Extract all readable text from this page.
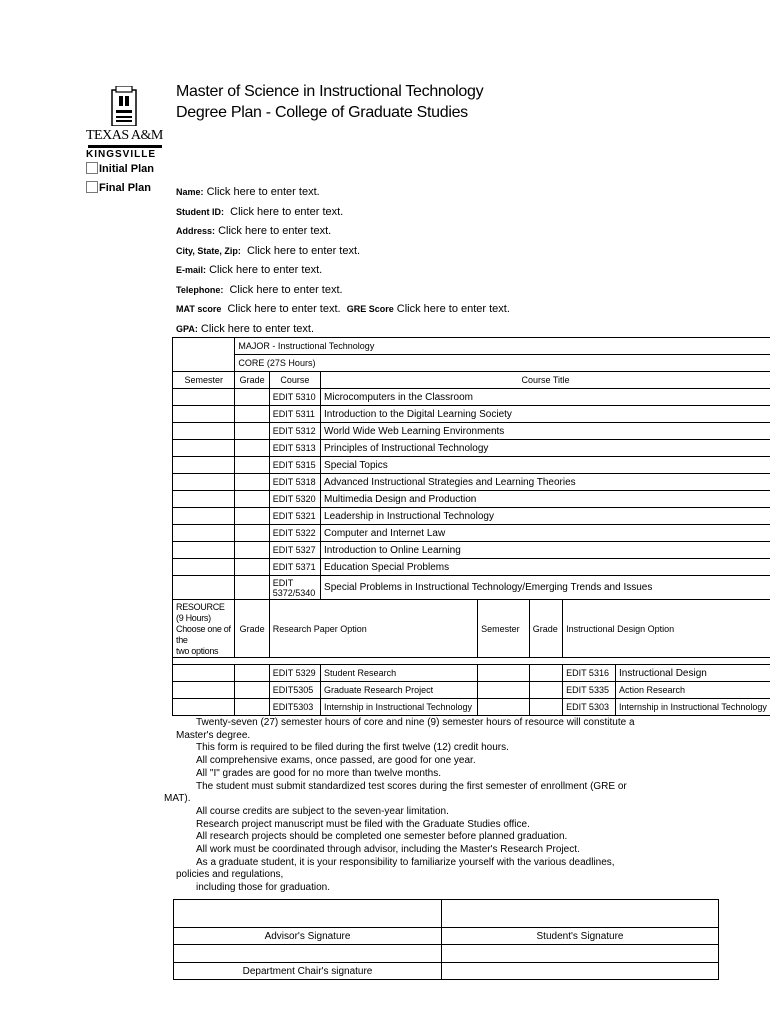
TEXAS A&M
KINGSVILLE
Initial Plan
Final Plan
Master of Science in Instructional Technology
Degree Plan - College of Graduate Studies
Name: Click here to enter text.
Student ID: Click here to enter text.
Address: Click here to enter text.
City, State, Zip: Click here to enter text.
E-mail: Click here to enter text.
Telephone: Click here to enter text.
MAT score Click here to enter text. GRE Score Click here to enter text.
GPA: Click here to enter text.
	MAJOR - Instructional Technology						
	CORE (27S Hours)						
Semester	Grade	Course	Course Title				
		EDIT 5310	Microcomputers in the Classroom				
		EDIT 5311	Introduction to the Digital Learning Society				
		EDIT 5312	World Wide Web Learning Environments				
		EDIT 5313	Principles of Instructional Technology				
		EDIT 5315	Special Topics				
		EDIT 5318	Advanced Instructional Strategies and Learning Theories				
		EDIT 5320	Multimedia Design and Production				
		EDIT 5321	Leadership in Instructional Technology				
		EDIT 5322	Computer and Internet Law				
		EDIT 5327	Introduction to Online Learning				
		EDIT 5371	Education Special Problems				
		EDIT 5372/5340	Special Problems in Instructional Technology/Emerging Trends and Issues				
RESOURCE
(9 Hours)
Choose one of the
two options	Grade	Research Paper Option		Semester	Grade	Instructional Design Option	

		EDIT 5329	Student Research			EDIT 5316	Instructional Design
		EDIT5305	Graduate Research Project			EDIT 5335	Action Research
		EDIT5303	Internship in Instructional Technology			EDIT 5303	Internship in Instructional Technology

Twenty-seven (27) semester hours of core and nine (9) semester hours of resource will constitute a

Master's degree.

This form is required to be filed during the first twelve (12) credit hours.

All comprehensive exams, once passed, are good for one year.

All "I" grades are good for no more than twelve months.

The student must submit standardized test scores during the first semester of enrollment (GRE or

MAT).

All course credits are subject to the seven-year limitation.

Research project manuscript must be filed with the Graduate Studies office.

All research projects should be completed one semester before planned graduation.

All work must be coordinated through advisor, including the Master's Research Project.

As a graduate student, it is your responsibility to familiarize yourself with the various deadlines,

policies and regulations,

including those for graduation.

Advisor's Signature	Student's Signature

Department Chair's signature	
